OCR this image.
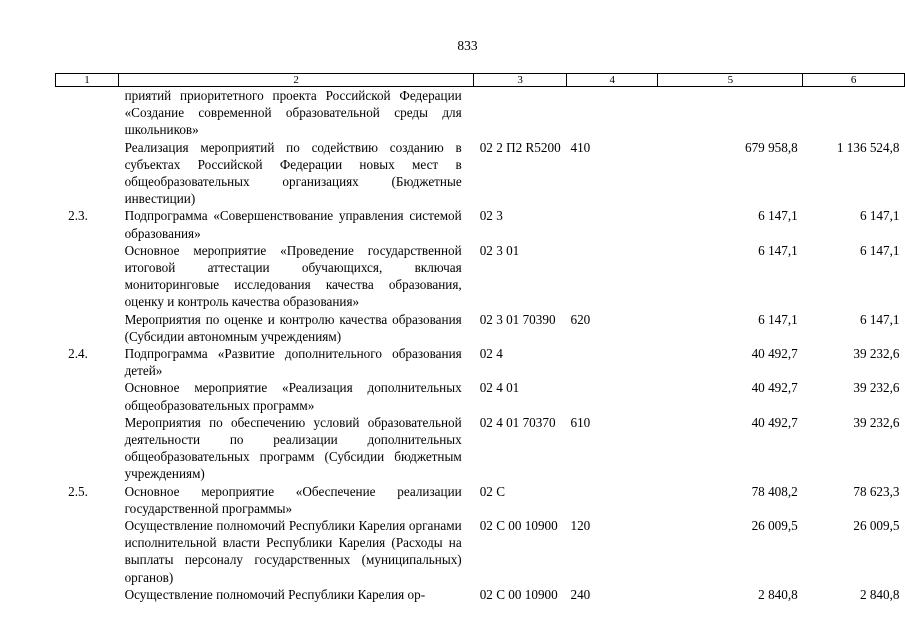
833
1	2	3	4	5	6
	приятий приоритетного проекта Российской Федерации «Создание современной образовательной среды для школьников»				
	Реализация мероприятий по содействию созданию в субъектах Российской Федерации новых мест в общеобразовательных организациях (Бюджетные инвестиции)	02 2 П2 R5200	410	679 958,8	1 136 524,8
2.3.	Подпрограмма «Совершенствование управления системой образования»	02 3		6 147,1	6 147,1
	Основное мероприятие «Проведение государственной итоговой аттестации обучающихся, включая мониторинговые исследования качества образования, оценку и контроль качества образования»	02 3 01		6 147,1	6 147,1
	Мероприятия по оценке и контролю качества образования (Субсидии автономным учреждениям)	02 3 01 70390	620	6 147,1	6 147,1
2.4.	Подпрограмма «Развитие дополнительного образования детей»	02 4		40 492,7	39 232,6
	Основное мероприятие «Реализация дополнительных общеобразовательных программ»	02 4 01		40 492,7	39 232,6
	Мероприятия по обеспечению условий образовательной деятельности по реализации дополнительных общеобразовательных программ (Субсидии бюджетным учреждениям)	02 4 01 70370	610	40 492,7	39 232,6
2.5.	Основное мероприятие «Обеспечение реализации государственной программы»	02 С		78 408,2	78 623,3
	Осуществление полномочий Республики Карелия органами исполнительной власти Республики Карелия (Расходы на выплаты персоналу государственных (муниципальных) органов)	02 С 00 10900	120	26 009,5	26 009,5
	Осуществление полномочий Республики Карелия ор-	02 С 00 10900	240	2 840,8	2 840,8
